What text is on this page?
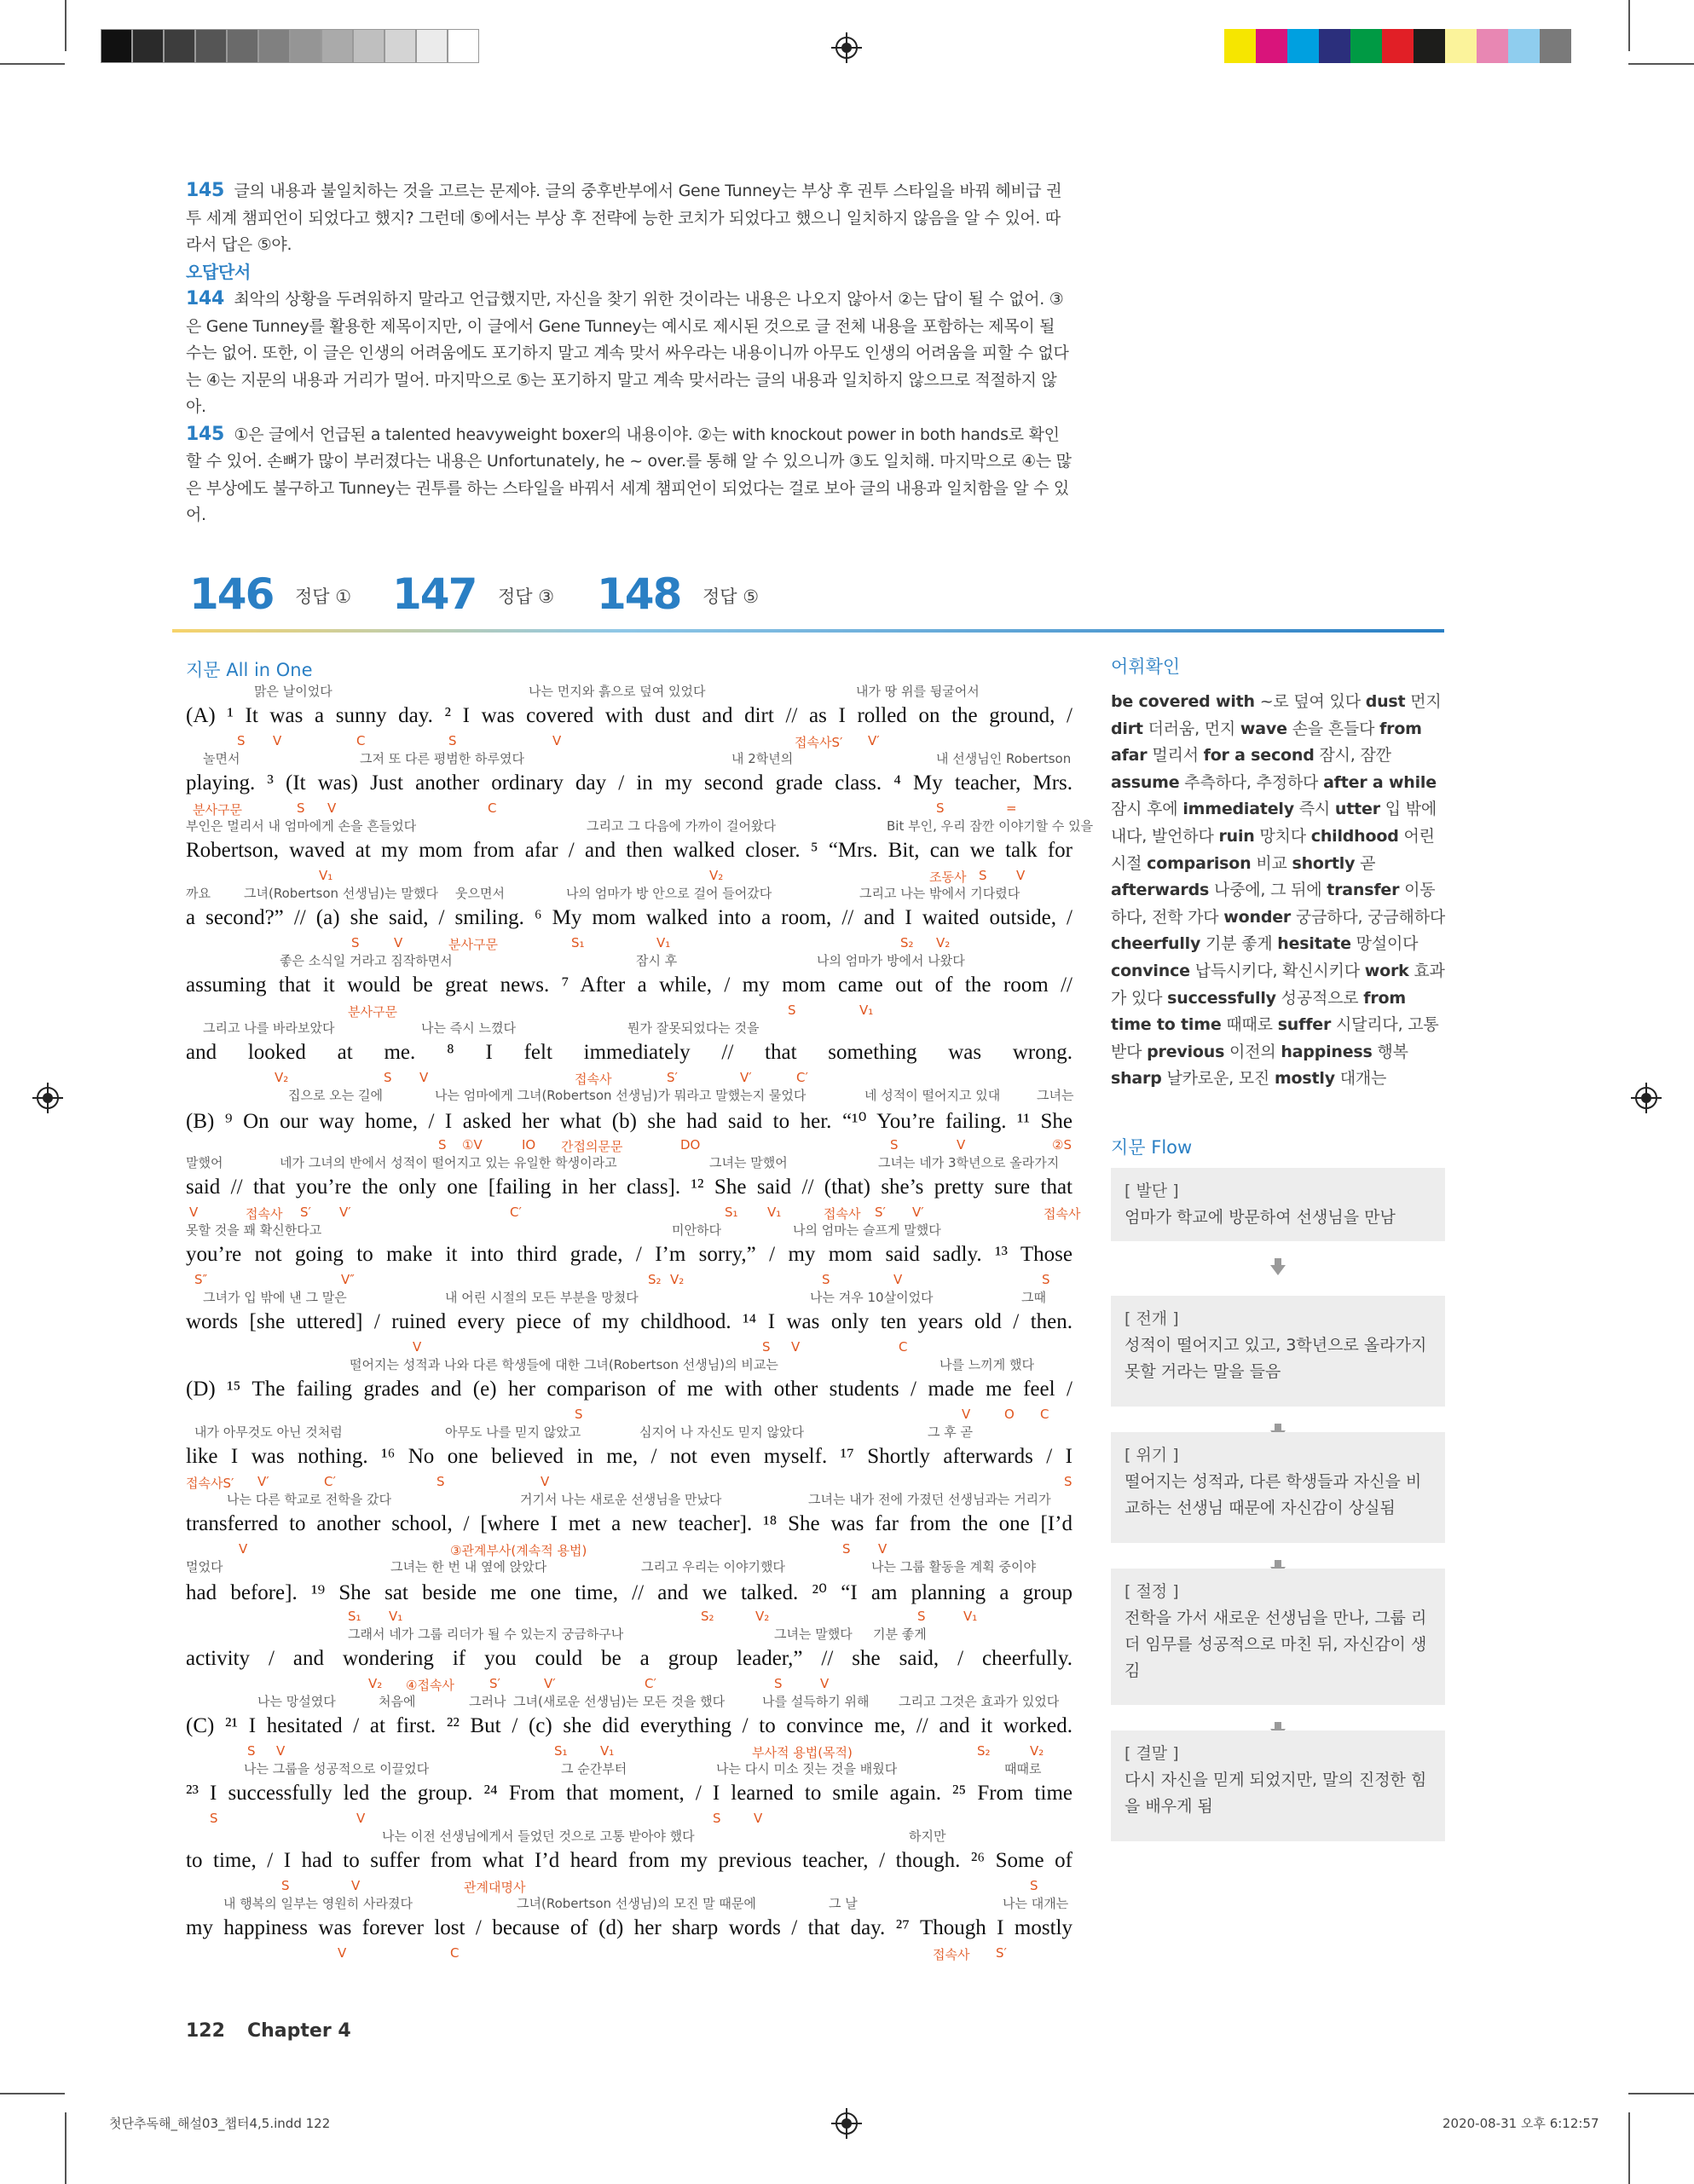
145 글의 내용과 불일치하는 것을 고르는 문제야. 글의 중후반부에서 Gene Tunney는 부상 후 권투 스타일을 바꿔 헤비급 권투 세계 챔피언이 되었다고 했지? 그런데 ⑤에서는 부상 후 전략에 능한 코치가 되었다고 했으니 일치하지 않음을 알 수 있어. 따라서 답은 ⑤야.

오답단서

144 최악의 상황을 두려워하지 말라고 언급했지만, 자신을 찾기 위한 것이라는 내용은 나오지 않아서 ②는 답이 될 수 없어. ③은 Gene Tunney를 활용한 제목이지만, 이 글에서 Gene Tunney는 예시로 제시된 것으로 글 전체 내용을 포함하는 제목이 될 수는 없어. 또한, 이 글은 인생의 어려움에도 포기하지 말고 계속 맞서 싸우라는 내용이니까 아무도 인생의 어려움을 피할 수 없다는 ④는 지문의 내용과 거리가 멀어. 마지막으로 ⑤는 포기하지 말고 계속 맞서라는 글의 내용과 일치하지 않으므로 적절하지 않아.

145 ①은 글에서 언급된 a talented heavyweight boxer의 내용이야. ②는 with knockout power in both hands로 확인할 수 있어. 손뼈가 많이 부러졌다는 내용은 Unfortunately, he ~ over.를 통해 알 수 있으니까 ③도 일치해. 마지막으로 ④는 많은 부상에도 불구하고 Tunney는 권투를 하는 스타일을 바꿔서 세계 챔피언이 되었다는 걸로 보아 글의 내용과 일치함을 알 수 있어.

146 정답 ① 147 정답 ③ 148 정답 ⑤
지문 All in One
맑은 날이었다	나는 먼지와 흙으로 덮여 있었다	내가 땅 위를 뒹굴어서
(A) ¹ It was a sunny day. ² I was covered with dust and dirt // as I rolled on the ground, /
S V	C	S	V	접속사S′ V′
놀면서	그저 또 다른 평범한 하루였다	내 2학년의	내 선생님인 Robertson
playing. ³ (It was) Just another ordinary day / in my second grade class. ⁴ My teacher, Mrs.
분사구문	S V	C	S	=
부인은 멀리서 내 엄마에게 손을 흔들었다	그리고 그 다음에 가까이 걸어왔다	Bit 부인, 우리 잠깐 이야기할 수 있을
Robertson, waved at my mom from afar / and then walked closer. ⁵ “Mrs. Bit, can we talk for
V₁	V₂	조동사 S V
까요	그녀(Robertson 선생님)는 말했다 웃으면서	나의 엄마가 방 안으로 걸어 들어갔다	그리고 나는 밖에서 기다렸다
a second?” // (a) she said, / smiling. ⁶ My mom walked into a room, // and I waited outside, /
S	V	분사구문	S₁	V₁	S₂ V₂
좋은 소식일 거라고 짐작하면서	잠시 후	나의 엄마가 방에서 나왔다
assuming that it would be great news. ⁷ After a while, / my mom came out of the room //
분사구문	S	V₁
그리고 나를 바라보았다	나는 즉시 느꼈다	뭔가 잘못되었다는 것을
and looked at me. ⁸ I felt immediately // that something was wrong.
V₂	S V	접속사	S′	V′	C′
집으로 오는 길에	나는 엄마에게 그녀(Robertson 선생님)가 뭐라고 말했는지 물었다	네 성적이 떨어지고 있대	그녀는
(B) ⁹ On our way home, / I asked her what (b) she had said to her. “¹⁰ You’re failing. ¹¹ She
S ①V	IO 간접의문문	DO	S	V	②S
말했어	네가 그녀의 반에서 성적이 떨어지고 있는 유일한 학생이라고	그녀는 말했어	그녀는 네가 3학년으로 올라가지
said // that you’re the only one [failing in her class]. ¹² She said // (that) she’s pretty sure that
V	접속사 S′ V′	C′	S₁ V₁	접속사 S′ V′	접속사
못할 것을 꽤 확신한다고	미안하다	나의 엄마는 슬프게 말했다
you’re not going to make it into third grade, / I’m sorry,” / my mom said sadly. ¹³ Those
S″	V″	S₂ V₂	S	V	S
그녀가 입 밖에 낸 그 말은	내 어린 시절의 모든 부분을 망쳤다	나는 겨우 10살이었다	그때
words [she uttered] / ruined every piece of my childhood. ¹⁴ I was only ten years old / then.
V	S V	C
떨어지는 성적과 나와 다른 학생들에 대한 그녀(Robertson 선생님)의 비교는	나를 느끼게 했다
(D) ¹⁵ The failing grades and (e) her comparison of me with other students / made me feel /
S	V	O C
내가 아무것도 아닌 것처럼	아무도 나를 믿지 않았고	심지어 나 자신도 믿지 않았다	그 후 곧
like I was nothing. ¹⁶ No one believed in me, / not even myself. ¹⁷ Shortly afterwards / I
접속사S′ V′	C′	S	V	S
나는 다른 학교로 전학을 갔다	거기서 나는 새로운 선생님을 만났다	그녀는 내가 전에 가졌던 선생님과는 거리가
transferred to another school, / [where I met a new teacher]. ¹⁸ She was far from the one [I’d
V	③관계부사(계속적 용법)	S V
멀었다	그녀는 한 번 내 옆에 앉았다	그리고 우리는 이야기했다	나는 그룹 활동을 계획 중이야
had before]. ¹⁹ She sat beside me one time, // and we talked. ²⁰ “I am planning a group
S₁ V₁	S₂	V₂	S	V₁
그래서 네가 그룹 리더가 될 수 있는지 궁금하구나	그녀는 말했다 기분 좋게
activity / and wondering if you could be a group leader,” // she said, / cheerfully.
V₂ ④접속사	S′	V′	C′	S	V
나는 망설였다	처음에	그러나 그녀(새로운 선생님)는 모든 것을 했다	나를 설득하기 위해 그리고 그것은 효과가 있었다
(C) ²¹ I hesitated / at first. ²² But / (c) she did everything / to convince me, // and it worked.
S V	S₁	V₁	부사적 용법(목적)	S₂	V₂
나는 그룹을 성공적으로 이끌었다	그 순간부터	나는 다시 미소 짓는 것을 배웠다	때때로
²³ I successfully led the group. ²⁴ From that moment, / I learned to smile again. ²⁵ From time
S	V	S	V
나는 이전 선생님에게서 들었던 것으로 고통 받아야 했다	하지만
to time, / I had to suffer from what I’d heard from my previous teacher, / though. ²⁶ Some of
S	V	관계대명사	S
내 행복의 일부는 영원히 사라졌다	그녀(Robertson 선생님)의 모진 말 때문에	그 날	나는 대개는
my happiness was forever lost / because of (d) her sharp words / that day. ²⁷ Though I mostly
V	C	접속사 S′
어휘확인
be covered with ~로 덮여 있다 dust 먼지 dirt 더러움, 먼지 wave 손을 흔들다 from afar 멀리서 for a second 잠시, 잠깐 assume 추측하다, 추정하다 after a while 잠시 후에 immediately 즉시 utter 입 밖에 내다, 발언하다 ruin 망치다 childhood 어린 시절 comparison 비교 shortly 곧 afterwards 나중에, 그 뒤에 transfer 이동하다, 전학 가다 wonder 궁금하다, 궁금해하다 cheerfully 기분 좋게 hesitate 망설이다 convince 납득시키다, 확신시키다 work 효과가 있다 successfully 성공적으로 from time to time 때때로 suffer 시달리다, 고통 받다 previous 이전의 happiness 행복 sharp 날카로운, 모진 mostly 대개는
지문 Flow
[ 발단 ]
엄마가 학교에 방문하여 선생님을 만남
[ 전개 ]
성적이 떨어지고 있고, 3학년으로 올라가지 못할 거라는 말을 들음
[ 위기 ]
떨어지는 성적과, 다른 학생들과 자신을 비교하는 선생님 때문에 자신감이 상실됨
[ 절정 ]
전학을 가서 새로운 선생님을 만나, 그룹 리더 임무를 성공적으로 마친 뒤, 자신감이 생김
[ 결말 ]
다시 자신을 믿게 되었지만, 말의 진정한 힘을 배우게 됨
122 Chapter 4
첫단추독해_해설03_챕터4,5.indd 122	2020-08-31 오후 6:12:57
